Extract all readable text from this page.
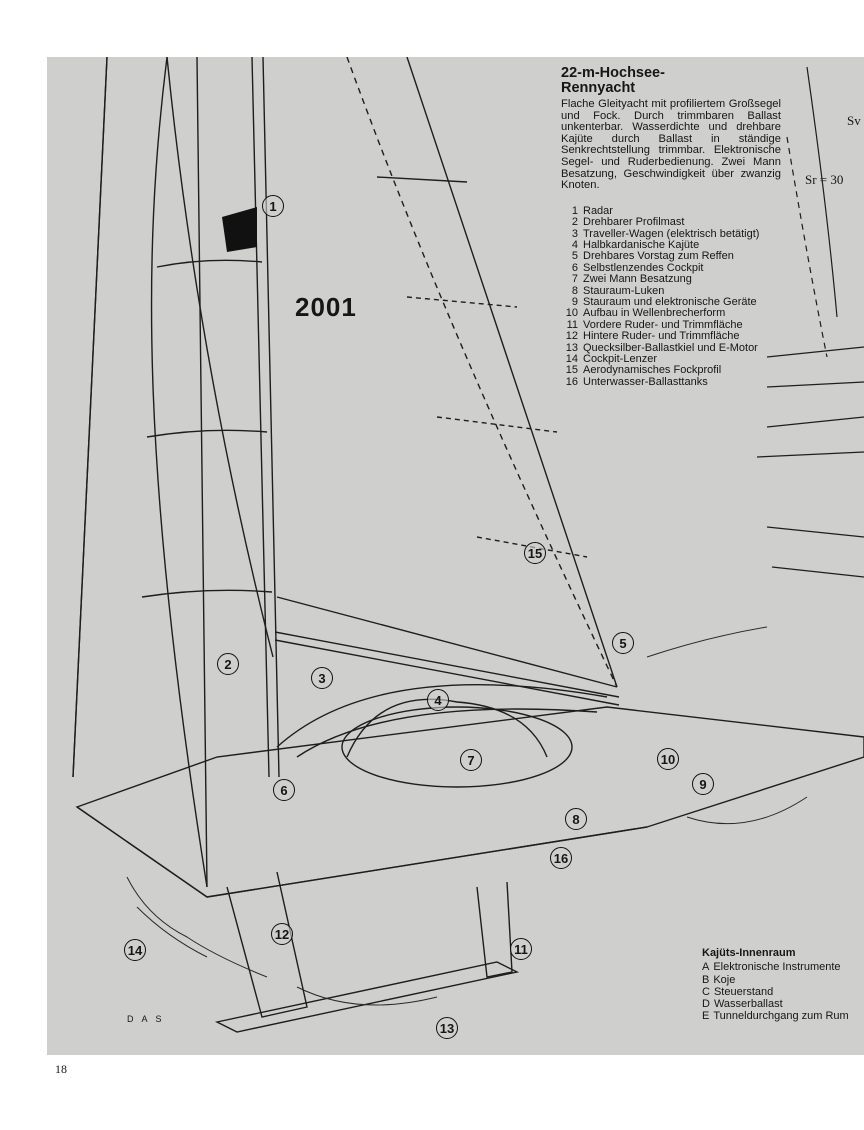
2001
Sv
Sr = 30
DAS
1
2
3
4
5
6
7
8
9
10
11
12
13
14
15
16
22-m-Hochsee-
Rennyacht

Flache Gleityacht mit profiliertem Großsegel und Fock. Durch trimmbaren Ballast unkenterbar. Wasserdichte und drehbare Kajüte durch Ballast in ständige Senkrechtstellung trimmbar. Elektronische Segel- und Ruderbedienung. Zwei Mann Besatzung, Geschwindigkeit über zwanzig Knoten.

1 Radar
2 Drehbarer Profilmast
3 Traveller-Wagen (elektrisch betätigt)
4 Halbkardanische Kajüte
5 Drehbares Vorstag zum Reffen
6 Selbstlenzendes Cockpit
7 Zwei Mann Besatzung
8 Stauraum-Luken
9 Stauraum und elektronische Geräte
10 Aufbau in Wellenbrecherform
11 Vordere Ruder- und Trimmfläche
12 Hintere Ruder- und Trimmfläche
13 Quecksilber-Ballastkiel und E-Motor
14 Cockpit-Lenzer
15 Aerodynamisches Fockprofil
16 Unterwasser-Ballasttanks
Kajüts-Innenraum
A Elektronische Instrumente
B Koje
C Steuerstand
D Wasserballast
E Tunneldurchgang zum Rum
18
